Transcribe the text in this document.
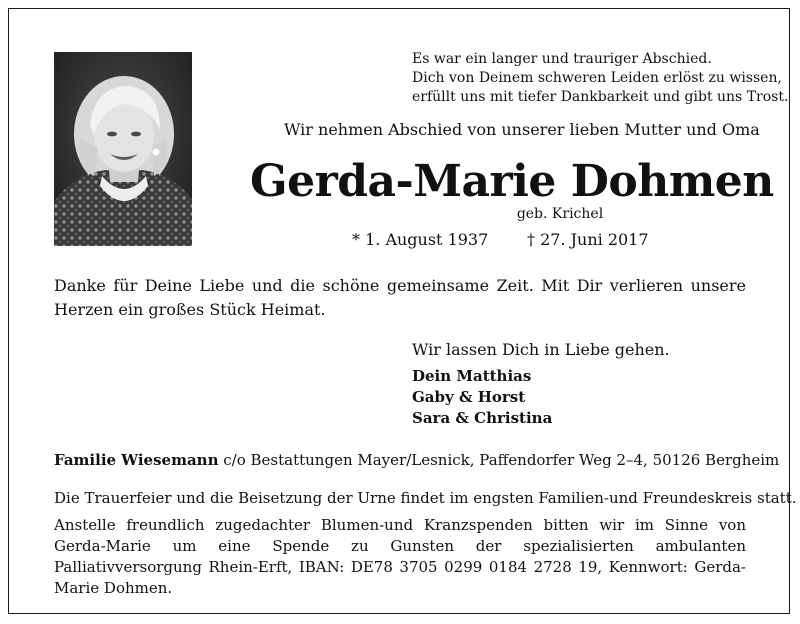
Es war ein langer und trauriger Abschied.
Dich von Deinem schweren Leiden erlöst zu wissen,
erfüllt uns mit tiefer Dankbarkeit und gibt uns Trost.

Wir nehmen Abschied von unserer lieben Mutter und Oma

Gerda-Marie Dohmen

geb. Krichel

* 1. August 1937 † 27. Juni 2017

Danke für Deine Liebe und die schöne gemeinsame Zeit. Mit Dir verlieren unsere Herzen ein großes Stück Heimat.

Wir lassen Dich in Liebe gehen.

Dein Matthias
Gaby & Horst
Sara & Christina

Familie Wiesemann c/o Bestattungen Mayer/Lesnick, Paffendorfer Weg 2–4, 50126 Bergheim

Die Trauerfeier und die Beisetzung der Urne findet im engsten Familien-und Freundeskreis statt.

Anstelle freundlich zugedachter Blumen-und Kranzspenden bitten wir im Sinne von Gerda-Marie um eine Spende zu Gunsten der spezialisierten ambulanten Palliativversorgung Rhein-Erft, IBAN: DE78 3705 0299 0184 2728 19, Kennwort: Gerda-Marie Dohmen.
